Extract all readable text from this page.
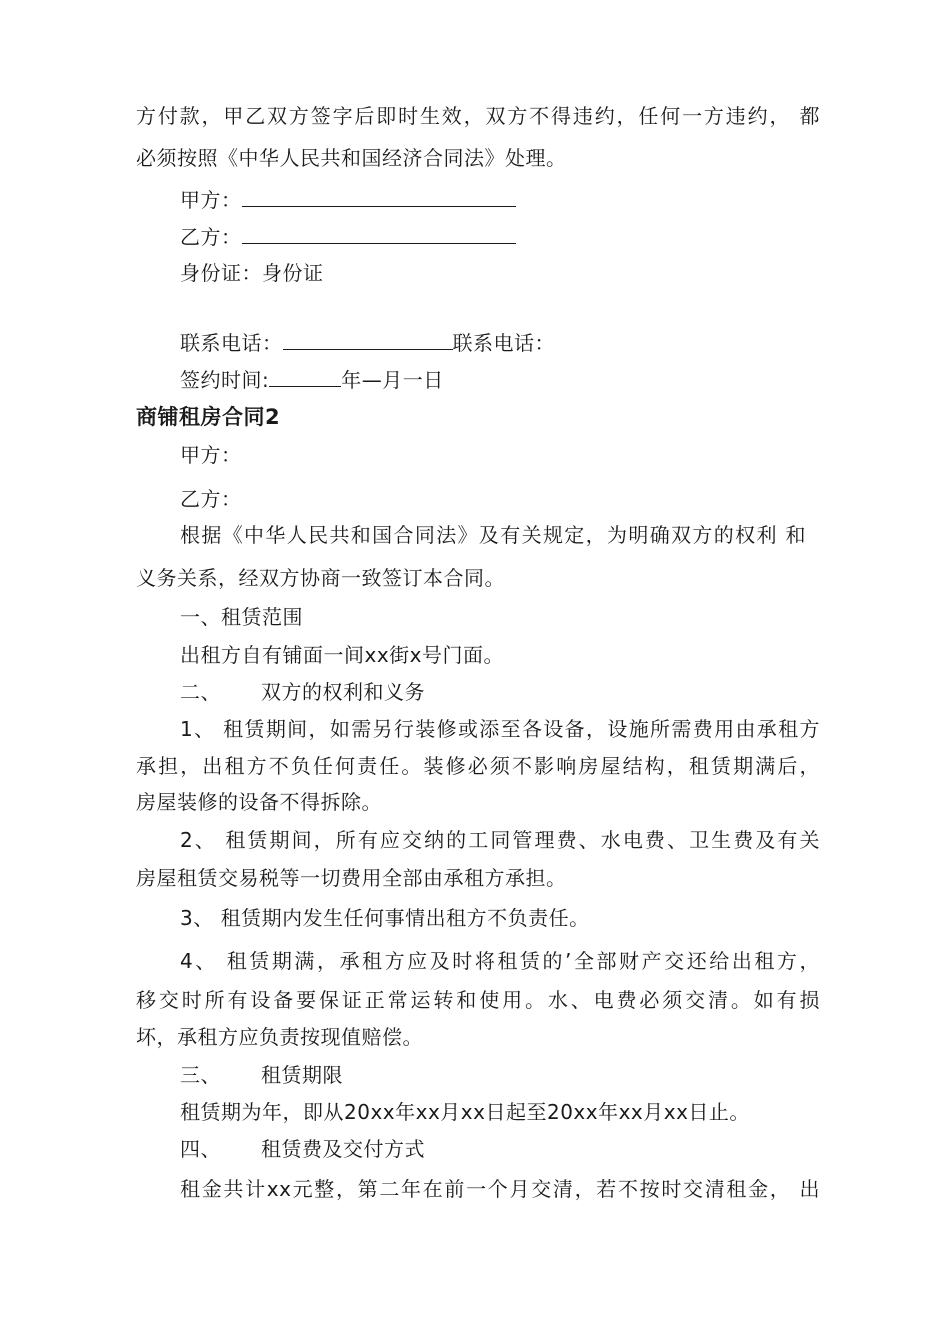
方付款，甲乙双方签字后即时生效，双方不得违约，任何一方违约， 都
必须按照《中华人民共和国经济合同法》处理。
甲方：
乙方：
身份证：身份证
联系电话：	联系电话：
签约时间:	年—月一日
商铺租房合同2
甲方：
乙方：
根据《中华人民共和国合同法》及有关规定，为明确双方的权利 和
义务关系，经双方协商一致签订本合同。
一、租赁范围
出租方自有铺面一间xx街x号门面。
二、 双方的权利和义务
1、 租赁期间，如需另行装修或添至各设备，设施所需费用由承租方
承担，出租方不负任何责任。装修必须不影响房屋结构，租赁期满后，
房屋装修的设备不得拆除。
2、 租赁期间，所有应交纳的工同管理费、水电费、卫生费及有关
房屋租赁交易税等一切费用全部由承租方承担。
3、 租赁期内发生任何事情出租方不负责任。
4、 租赁期满，承租方应及时将租赁的’全部财产交还给出租方，
移交时所有设备要保证正常运转和使用。水、电费必须交清。如有损
坏，承租方应负责按现值赔偿。
三、 租赁期限
租赁期为年，即从20xx年xx月xx日起至20xx年xx月xx日止。
四、 租赁费及交付方式
租金共计xx元整，第二年在前一个月交清，若不按时交清租金， 出
